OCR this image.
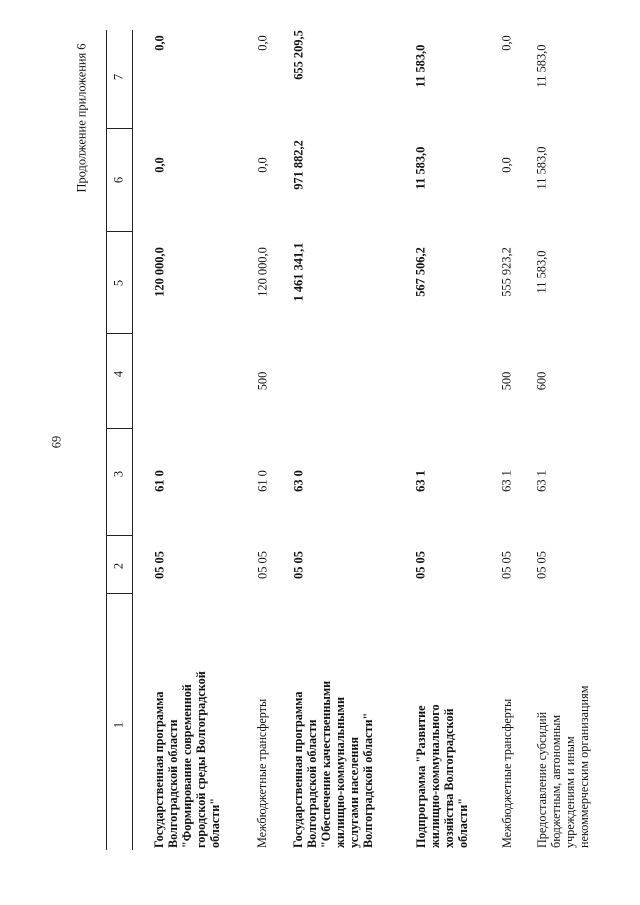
69
Продолжение приложения 6
1
2
3
4
5
6
7
Государственная программа
Волгоградской области
"Формирование современной
городской среды Волгоградской
области"
05 05
61 0
120 000,0
0,0
0,0
Межбюджетные трансферты
05 05
61 0
500
120 000,0
0,0
0,0
Государственная программа
Волгоградской области
"Обеспечение качественными
жилищно-коммунальными
услугами населения
Волгоградской области"
05 05
63 0
1 461 341,1
971 882,2
655 209,5
Подпрограмма "Развитие
жилищно-коммунального
хозяйства Волгоградской
области"
05 05
63 1
567 506,2
11 583,0
11 583,0
Межбюджетные трансферты
05 05
63 1
500
555 923,2
0,0
0,0
Предоставление субсидий
бюджетным, автономным
учреждениям и иным
некоммерческим организациям
05 05
63 1
600
11 583,0
11 583,0
11 583,0
